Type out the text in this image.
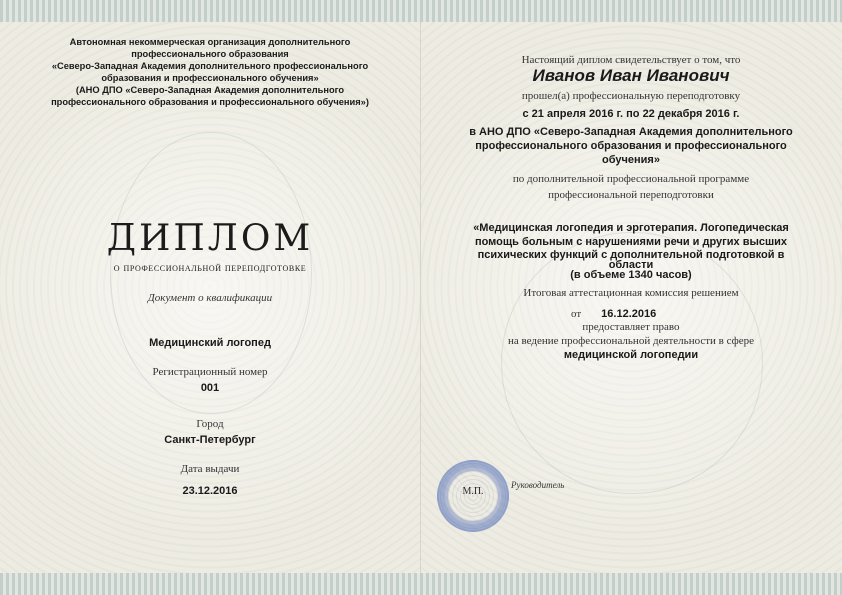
Автономная некоммерческая организация дополнительного
профессионального образования
«Северо-Западная Академия дополнительного профессионального
образования и профессионального обучения»
(АНО ДПО «Северо-Западная Академия дополнительного
профессионального образования и профессионального обучения»)
ДИПЛОМ
о профессиональной переподготовке
Документ о квалификации
Медицинский логопед
Регистрационный номер
001
Город
Санкт-Петербург
Дата выдачи
23.12.2016
Настоящий диплом свидетельствует о том, что
Иванов Иван Иванович
прошел(а) профессиональную переподготовку
с 21 апреля 2016 г. по 22 декабря 2016 г.
в АНО ДПО «Северо-Западная Академия дополнительного
профессионального образования и профессионального
обучения»
по дополнительной профессиональной программе
профессиональной переподготовки
«Медицинская логопедия и эрготерапия. Логопедическая
помощь больным с нарушениями речи и других высших
психических функций с дополнительной подготовкой в
области
(в объеме 1340 часов)
Итоговая аттестационная комиссия решением
от 16.12.2016
предоставляет право
на ведение профессиональной деятельности в сфере
медицинской логопедии
Руководитель
М.П.
